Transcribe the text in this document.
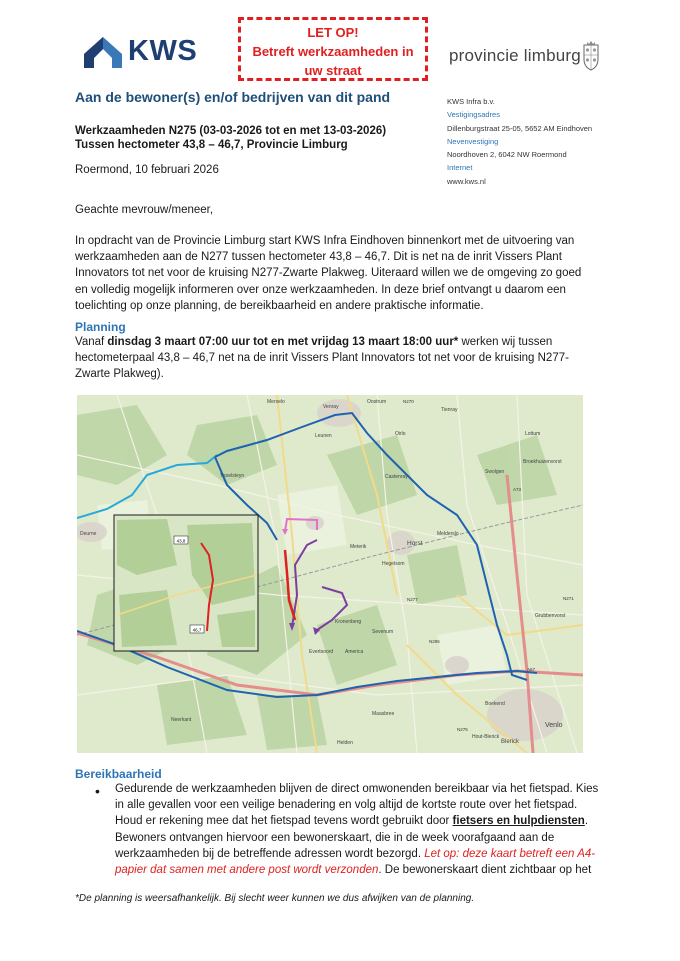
KWS
LET OP!
Betreft werkzaamheden in
uw straat
provincie limburg
Aan de bewoner(s) en/of bedrijven van dit pand	KWS Infra b.v.
Vestigingsadres
Dillenburgstraat 25-05, 5652 AM Eindhoven
Nevenvestiging
Noordhoven 2, 6042 NW Roermond
Internet
www.kws.nl
Werkzaamheden N275 (03-03-2026 tot en met 13-03-2026)
Tussen hectometer 43,8 – 46,7, Provincie Limburg
Roermond, 10 februari 2026
Geachte mevrouw/meneer,
In opdracht van de Provincie Limburg start KWS Infra Eindhoven binnenkort met de uitvoering van werkzaamheden aan de N277 tussen hectometer 43,8 – 46,7. Dit is net na de inrit Vissers Plant Innovators tot net voor de kruising N277-Zwarte Plakweg. Uiteraard willen we de omgeving zo goed en volledig mogelijk informeren over onze werkzaamheden. In deze brief ontvangt u daarom een toelichting op onze planning, de bereikbaarheid en andere praktische informatie.
Planning
Vanaf dinsdag 3 maart 07:00 uur tot en met vrijdag 13 maart 18:00 uur* werken wij tussen hectometerpaal 43,8 – 46,7 net na de inrit Vissers Plant Innovators tot net voor de kruising N277-Zwarte Plakweg).
43,8
46,7
Venray
Oostrum
Oirlo
Leunen
Castenray
Swolgen
Ysselsteyn
Deurne
Meterik	Horst
Hegelsom
Kronenberg
Sevenum
Evertsoord
Venlo
Blerick
Maasbree
Helden
America
Grubbenvorst
Lottum
Broekhuizenvorst
Melderslo
Tienray
Merselo
Neerkant
Boekend
Hout-Blerick
N270
N277
N275
N295
N271
A67
A73
Bereikbaarheid
• Gedurende de werkzaamheden blijven de direct omwonenden bereikbaar via het fietspad. Kies in alle gevallen voor een veilige benadering en volg altijd de kortste route over het fietspad. Houd er rekening mee dat het fietspad tevens wordt gebruikt door fietsers en hulpdiensten. Bewoners ontvangen hiervoor een bewonerskaart, die in de week voorafgaand aan de werkzaamheden bij de betreffende adressen wordt bezorgd. Let op: deze kaart betreft een A4-papier dat samen met andere post wordt verzonden. De bewonerskaart dient zichtbaar op het
*De planning is weersafhankelijk. Bij slecht weer kunnen we dus afwijken van de planning.
